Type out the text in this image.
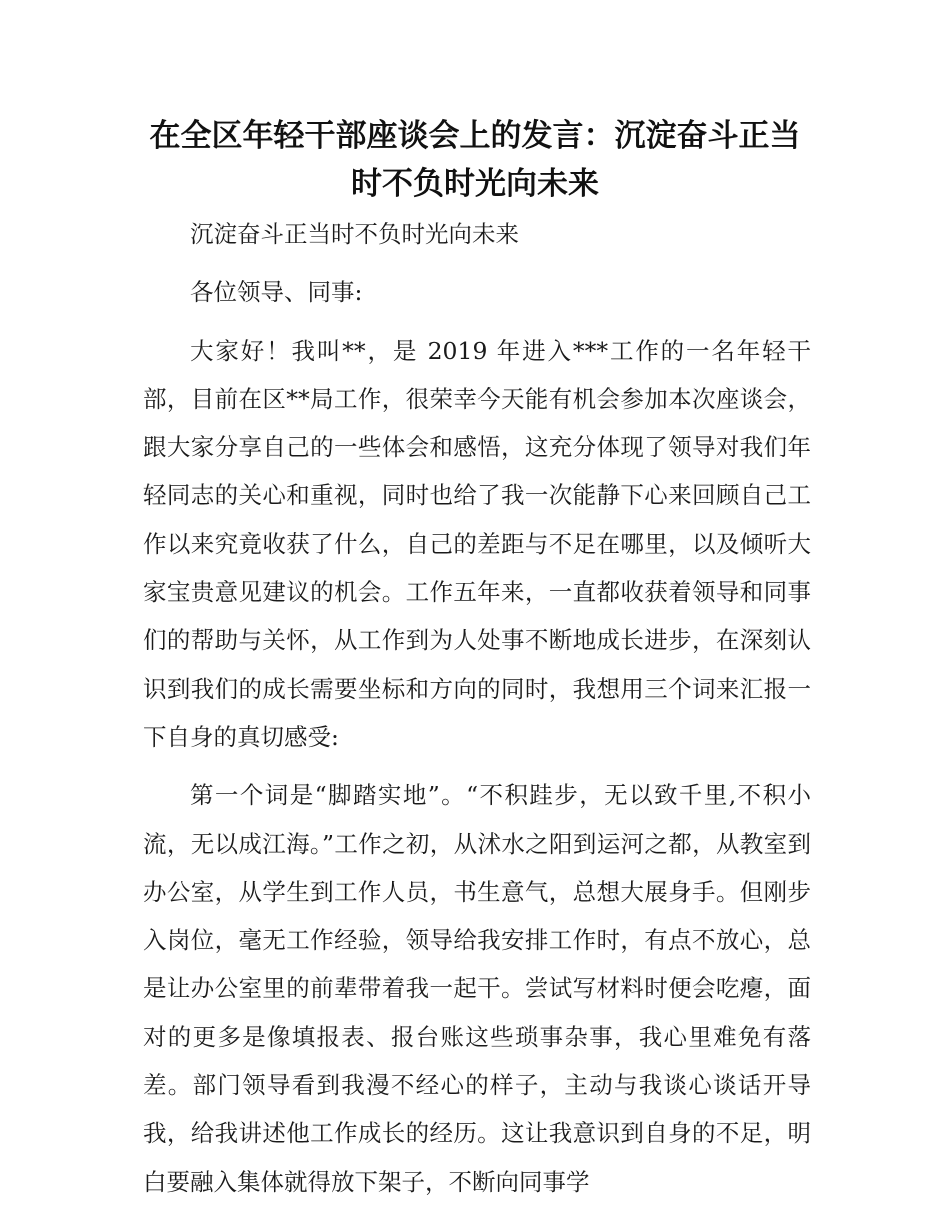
在全区年轻干部座谈会上的发言：沉淀奋斗正当时不负时光向未来

沉淀奋斗正当时不负时光向未来

各位领导、同事:

大家好！我叫**，是 2019 年进入***工作的一名年轻干部，目前在区**局工作，很荣幸今天能有机会参加本次座谈会，跟大家分享自己的一些体会和感悟，这充分体现了领导对我们年轻同志的关心和重视，同时也给了我一次能静下心来回顾自己工作以来究竟收获了什么，自己的差距与不足在哪里，以及倾听大家宝贵意见建议的机会。工作五年来，一直都收获着领导和同事们的帮助与关怀，从工作到为人处事不断地成长进步，在深刻认识到我们的成长需要坐标和方向的同时，我想用三个词来汇报一下自身的真切感受:

第一个词是“脚踏实地”。“不积跬步，无以致千里,不积小流，无以成江海。”工作之初，从沭水之阳到运河之都，从教室到办公室，从学生到工作人员，书生意气，总想大展身手。但刚步入岗位，毫无工作经验，领导给我安排工作时，有点不放心，总是让办公室里的前辈带着我一起干。尝试写材料时便会吃瘪，面对的更多是像填报表、报台账这些琐事杂事，我心里难免有落差。部门领导看到我漫不经心的样子，主动与我谈心谈话开导我，给我讲述他工作成长的经历。这让我意识到自身的不足，明白要融入集体就得放下架子，不断向同事学
